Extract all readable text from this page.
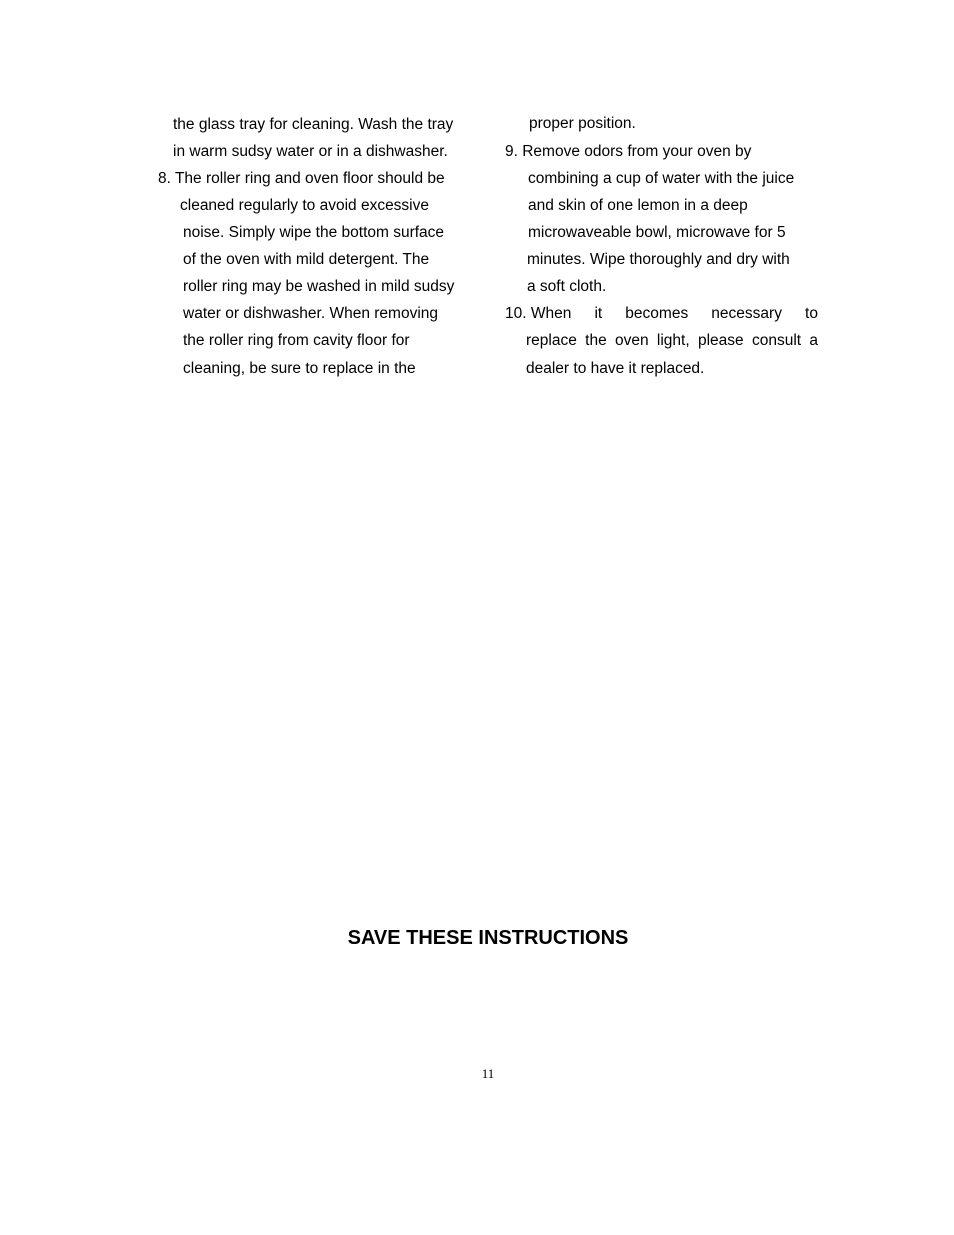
the glass tray for cleaning. Wash the tray

in warm sudsy water or in a dishwasher.

8. The roller ring and oven floor should be

cleaned regularly to avoid excessive

noise. Simply wipe the bottom surface

of the oven with mild detergent. The

roller ring may be washed in mild sudsy

water or dishwasher. When removing

the roller ring from cavity floor for

cleaning, be sure to replace in the

proper position.

9. Remove odors from your oven by

combining a cup of water with the juice

and skin of one lemon in a deep

microwaveable bowl, microwave for 5

minutes. Wipe thoroughly and dry with

a soft cloth.

10. When it becomes necessary to
replace the oven light, please consult a

dealer to have it replaced.

SAVE THESE INSTRUCTIONS
11
